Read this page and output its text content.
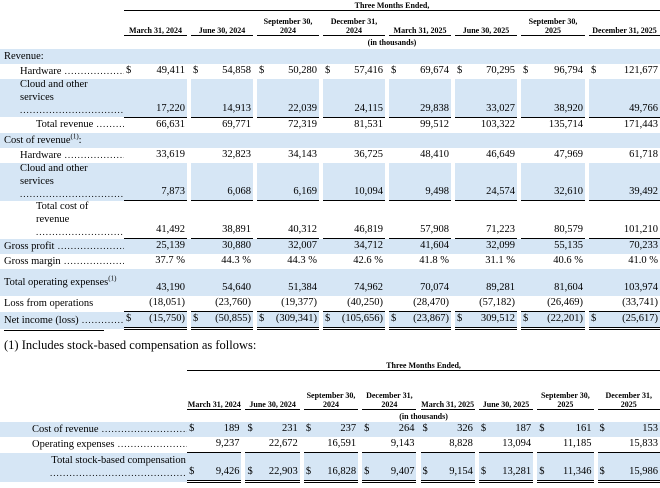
	Three Months Ended,														
	March 31, 2024		June 30, 2024		September 30, 2024		December 31, 2024		March 31, 2025		June 30, 2025		September 30, 2025		December 31, 2025
	(in thousands)														
Revenue:															
Hardware .....	$ 49,411		$ 54,858		$ 50,280		$ 57,416		$ 69,674		$ 70,295		$ 96,794		$ 121,677

Cloud and other services .....	17,220		14,913		22,039		24,115		29,838		33,027		38,920		49,766

Total revenue .....	66,631		69,771		72,319		81,531		99,512		103,322		135,714		171,443

Cost of revenue$^{(1)}$:															
Hardware .....	33,619		32,823		34,143		36,725		48,410		46,649		47,969		61,718

Cloud and other services .....	7,873		6,068		6,169		10,094		9,498		24,574		32,610		39,492

Total cost of revenue .....	41,492		38,891		40,312		46,819		57,908		71,223		80,579		101,210

Gross profit .....	25,139		30,880		32,007		34,712		41,604		32,099		55,135		70,233

Gross margin .....	37.7 %		44.3 %		44.3 %		42.6 %		41.8 %		31.1 %		40.6 %		41.0 %

Total operating expenses$^{(1)}$	43,190		54,640		51,384		74,962		70,074		89,281		81,604		103,974

Loss from operations	(18,051)		(23,760)		(19,377)		(40,250)		(28,470)		(57,182)		(26,469)		(33,741)

Net income (loss) .....	$ (15,750)		$ (50,855)		$ (309,341)		$ (105,656)		$ (23,867)		$ 309,512		$ (22,201)		$ (25,617)
(1) Includes stock-based compensation as follows:
	Three Months Ended,														
	March 31, 2024		June 30, 2024		September 30, 2024		December 31, 2024		March 31, 2025		June 30, 2025		September 30, 2025		December 31, 2025
	(in thousands)														
Cost of revenue .....	$ 189		$ 231		$ 237		$ 264		$ 326		$ 187		$ 161		$ 153

Operating expenses .....	9,237		22,672		16,591		9,143		8,828		13,094		11,185		15,833

Total stock-based compensation .....	$ 9,426		$ 22,903		$ 16,828		$ 9,407		$ 9,154		$ 13,281		$ 11,346		$ 15,986
